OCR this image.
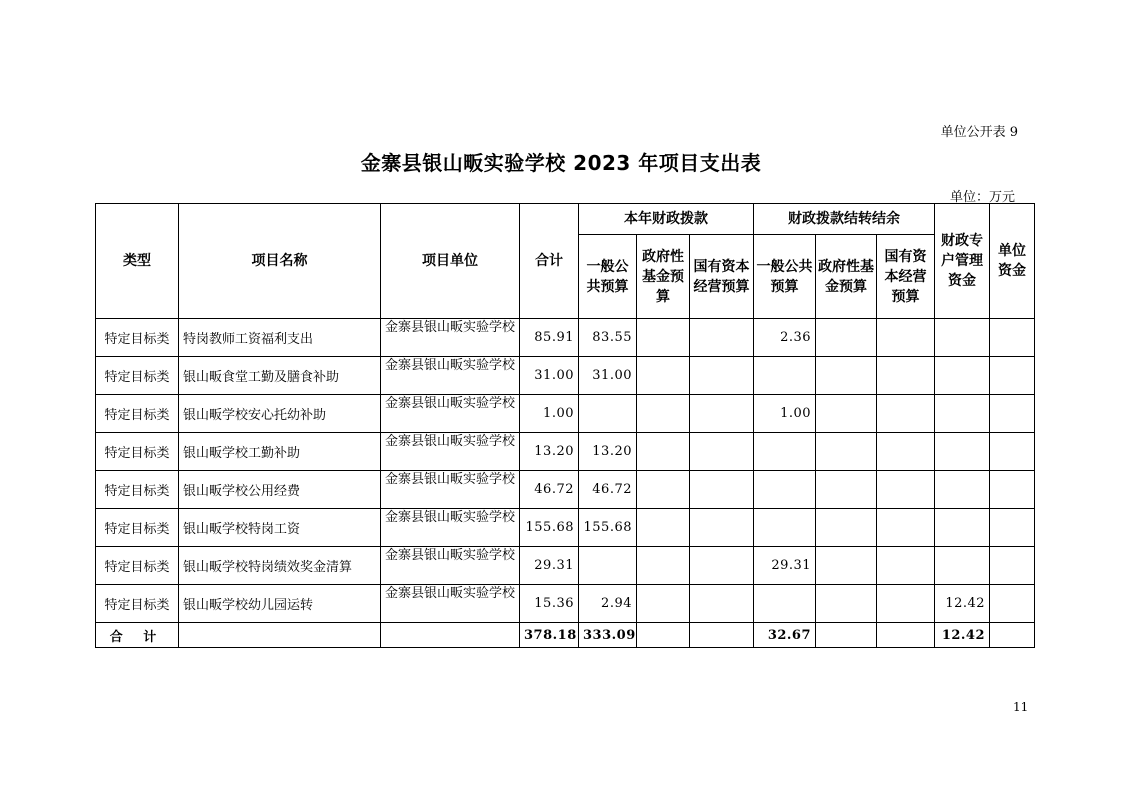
单位公开表 9
金寨县银山畈实验学校 2023 年项目支出表
单位：万元
类型	项目名称	项目单位	合计	本年财政拨款			财政拨款结转结余			财政专户管理资金	单位资金
				一般公共预算	政府性基金预算	国有资本经营预算	一般公共预算	政府性基金预算	国有资本经营预算		
特定目标类	特岗教师工资福利支出	金寨县银山畈实验学校	85.91	83.55			2.36				
特定目标类	银山畈食堂工勤及膳食补助	金寨县银山畈实验学校	31.00	31.00							
特定目标类	银山畈学校安心托幼补助	金寨县银山畈实验学校	1.00				1.00				
特定目标类	银山畈学校工勤补助	金寨县银山畈实验学校	13.20	13.20							
特定目标类	银山畈学校公用经费	金寨县银山畈实验学校	46.72	46.72							
特定目标类	银山畈学校特岗工资	金寨县银山畈实验学校	155.68	155.68							
特定目标类	银山畈学校特岗绩效奖金清算	金寨县银山畈实验学校	29.31				29.31				
特定目标类	银山畈学校幼儿园运转	金寨县银山畈实验学校	15.36	2.94						12.42	
合 计			378.18	333.09			32.67			12.42	
11
